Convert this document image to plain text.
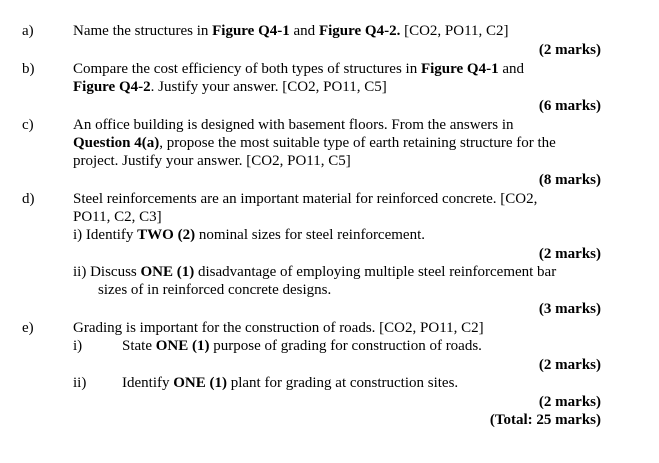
a)	Name the structures in Figure Q4-1 and Figure Q4-2. [CO2, PO11, C2]
(2 marks)
b)	Compare the cost efficiency of both types of structures in Figure Q4-1 and
Figure Q4-2. Justify your answer. [CO2, PO11, C5]
(6 marks)
c)	An office building is designed with basement floors. From the answers in
Question 4(a), propose the most suitable type of earth retaining structure for the
project. Justify your answer. [CO2, PO11, C5]
(8 marks)
d)	Steel reinforcements are an important material for reinforced concrete. [CO2,
PO11, C2, C3]
i) Identify TWO (2) nominal sizes for steel reinforcement.
(2 marks)
ii) Discuss ONE (1) disadvantage of employing multiple steel reinforcement bar
sizes of in reinforced concrete designs.
(3 marks)
e)	Grading is important for the construction of roads. [CO2, PO11, C2]
i)	State ONE (1) purpose of grading for construction of roads.
(2 marks)
ii) Identify ONE (1) plant for grading at construction sites.
(2 marks)
(Total: 25 marks)
